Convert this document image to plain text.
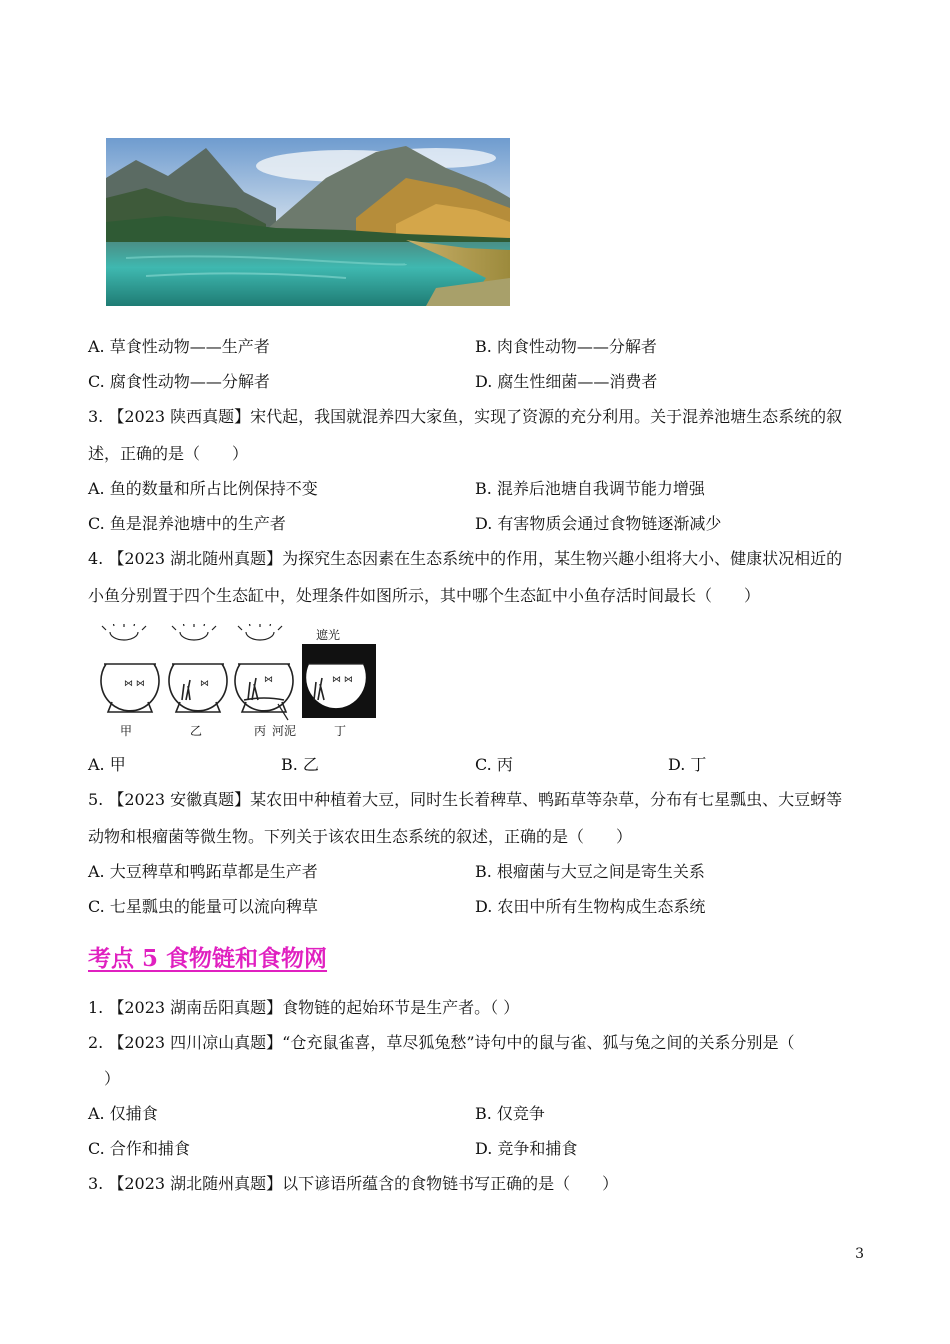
A. 草食性动物——生产者	B. 肉食性动物——分解者
C. 腐食性动物——分解者	D. 腐生性细菌——消费者
3. 【2023 陕西真题】宋代起，我国就混养四大家鱼，实现了资源的充分利用。关于混养池塘生态系统的叙
述，正确的是（　　）
A. 鱼的数量和所占比例保持不变	B. 混养后池塘自我调节能力增强
C. 鱼是混养池塘中的生产者	D. 有害物质会通过食物链逐渐减少
4. 【2023 湖北随州真题】为探究生态因素在生态系统中的作用，某生物兴趣小组将大小、健康状况相近的
小鱼分别置于四个生态缸中，处理条件如图所示，其中哪个生态缸中小鱼存活时间最长（　　）
⋈ ⋈	⋈	⋈	⋈ ⋈
甲	乙	丙 河泥	丁
遮光
A. 甲	B. 乙	C. 丙	D. 丁
5. 【2023 安徽真题】某农田中种植着大豆，同时生长着稗草、鸭跖草等杂草，分布有七星瓢虫、大豆蚜等
动物和根瘤菌等微生物。下列关于该农田生态系统的叙述，正确的是（　　）
A. 大豆稗草和鸭跖草都是生产者	B. 根瘤菌与大豆之间是寄生关系
C. 七星瓢虫的能量可以流向稗草	D. 农田中所有生物构成生态系统
考点 5 食物链和食物网
1. 【2023 湖南岳阳真题】食物链的起始环节是生产者。（ ）
2. 【2023 四川凉山真题】“仓充鼠雀喜，草尽狐兔愁”诗句中的鼠与雀、狐与兔之间的关系分别是（
）
A. 仅捕食	B. 仅竞争
C. 合作和捕食	D. 竞争和捕食
3. 【2023 湖北随州真题】以下谚语所蕴含的食物链书写正确的是（　　）
3
